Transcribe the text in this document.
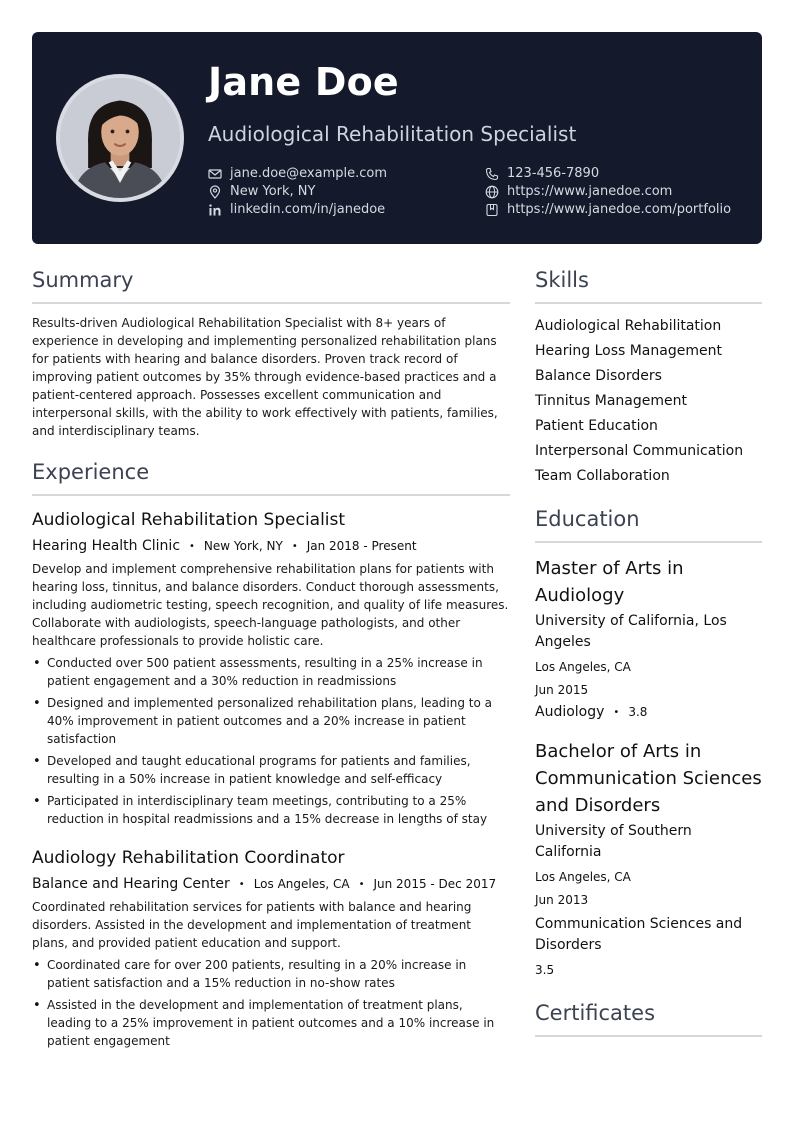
Jane Doe
Audiological Rehabilitation Specialist
jane.doe@example.com	123-456-7890
New York, NY	https://www.janedoe.com
linkedin.com/in/janedoe	https://www.janedoe.com/portfolio
Summary

Results-driven Audiological Rehabilitation Specialist with 8+ years of experience in developing and implementing personalized rehabilitation plans for patients with hearing and balance disorders. Proven track record of improving patient outcomes by 35% through evidence-based practices and a patient-centered approach. Possesses excellent communication and interpersonal skills, with the ability to work effectively with patients, families, and interdisciplinary teams.

Experience
Audiological Rehabilitation Specialist
Hearing Health Clinic • New York, NY • Jan 2018 - Present

Develop and implement comprehensive rehabilitation plans for patients with hearing loss, tinnitus, and balance disorders. Conduct thorough assessments, including audiometric testing, speech recognition, and quality of life measures. Collaborate with audiologists, speech-language pathologists, and other healthcare professionals to provide holistic care.

• Conducted over 500 patient assessments, resulting in a 25% increase in patient engagement and a 30% reduction in readmissions
• Designed and implemented personalized rehabilitation plans, leading to a 40% improvement in patient outcomes and a 20% increase in patient satisfaction
• Developed and taught educational programs for patients and families, resulting in a 50% increase in patient knowledge and self-efficacy
• Participated in interdisciplinary team meetings, contributing to a 25% reduction in hospital readmissions and a 15% decrease in lengths of stay
Audiology Rehabilitation Coordinator
Balance and Hearing Center • Los Angeles, CA • Jun 2015 - Dec 2017

Coordinated rehabilitation services for patients with balance and hearing disorders. Assisted in the development and implementation of treatment plans, and provided patient education and support.

• Coordinated care for over 200 patients, resulting in a 20% increase in patient satisfaction and a 15% reduction in no-show rates
• Assisted in the development and implementation of treatment plans, leading to a 25% improvement in patient outcomes and a 10% increase in patient engagement
Skills
Audiological Rehabilitation
Hearing Loss Management
Balance Disorders
Tinnitus Management
Patient Education
Interpersonal Communication
Team Collaboration
Education
Master of Arts in Audiology
University of California, Los Angeles
Los Angeles, CA
Jun 2015
Audiology • 3.8
Bachelor of Arts in Communication Sciences and Disorders
University of Southern California
Los Angeles, CA
Jun 2013
Communication Sciences and Disorders
3.5
Certificates
